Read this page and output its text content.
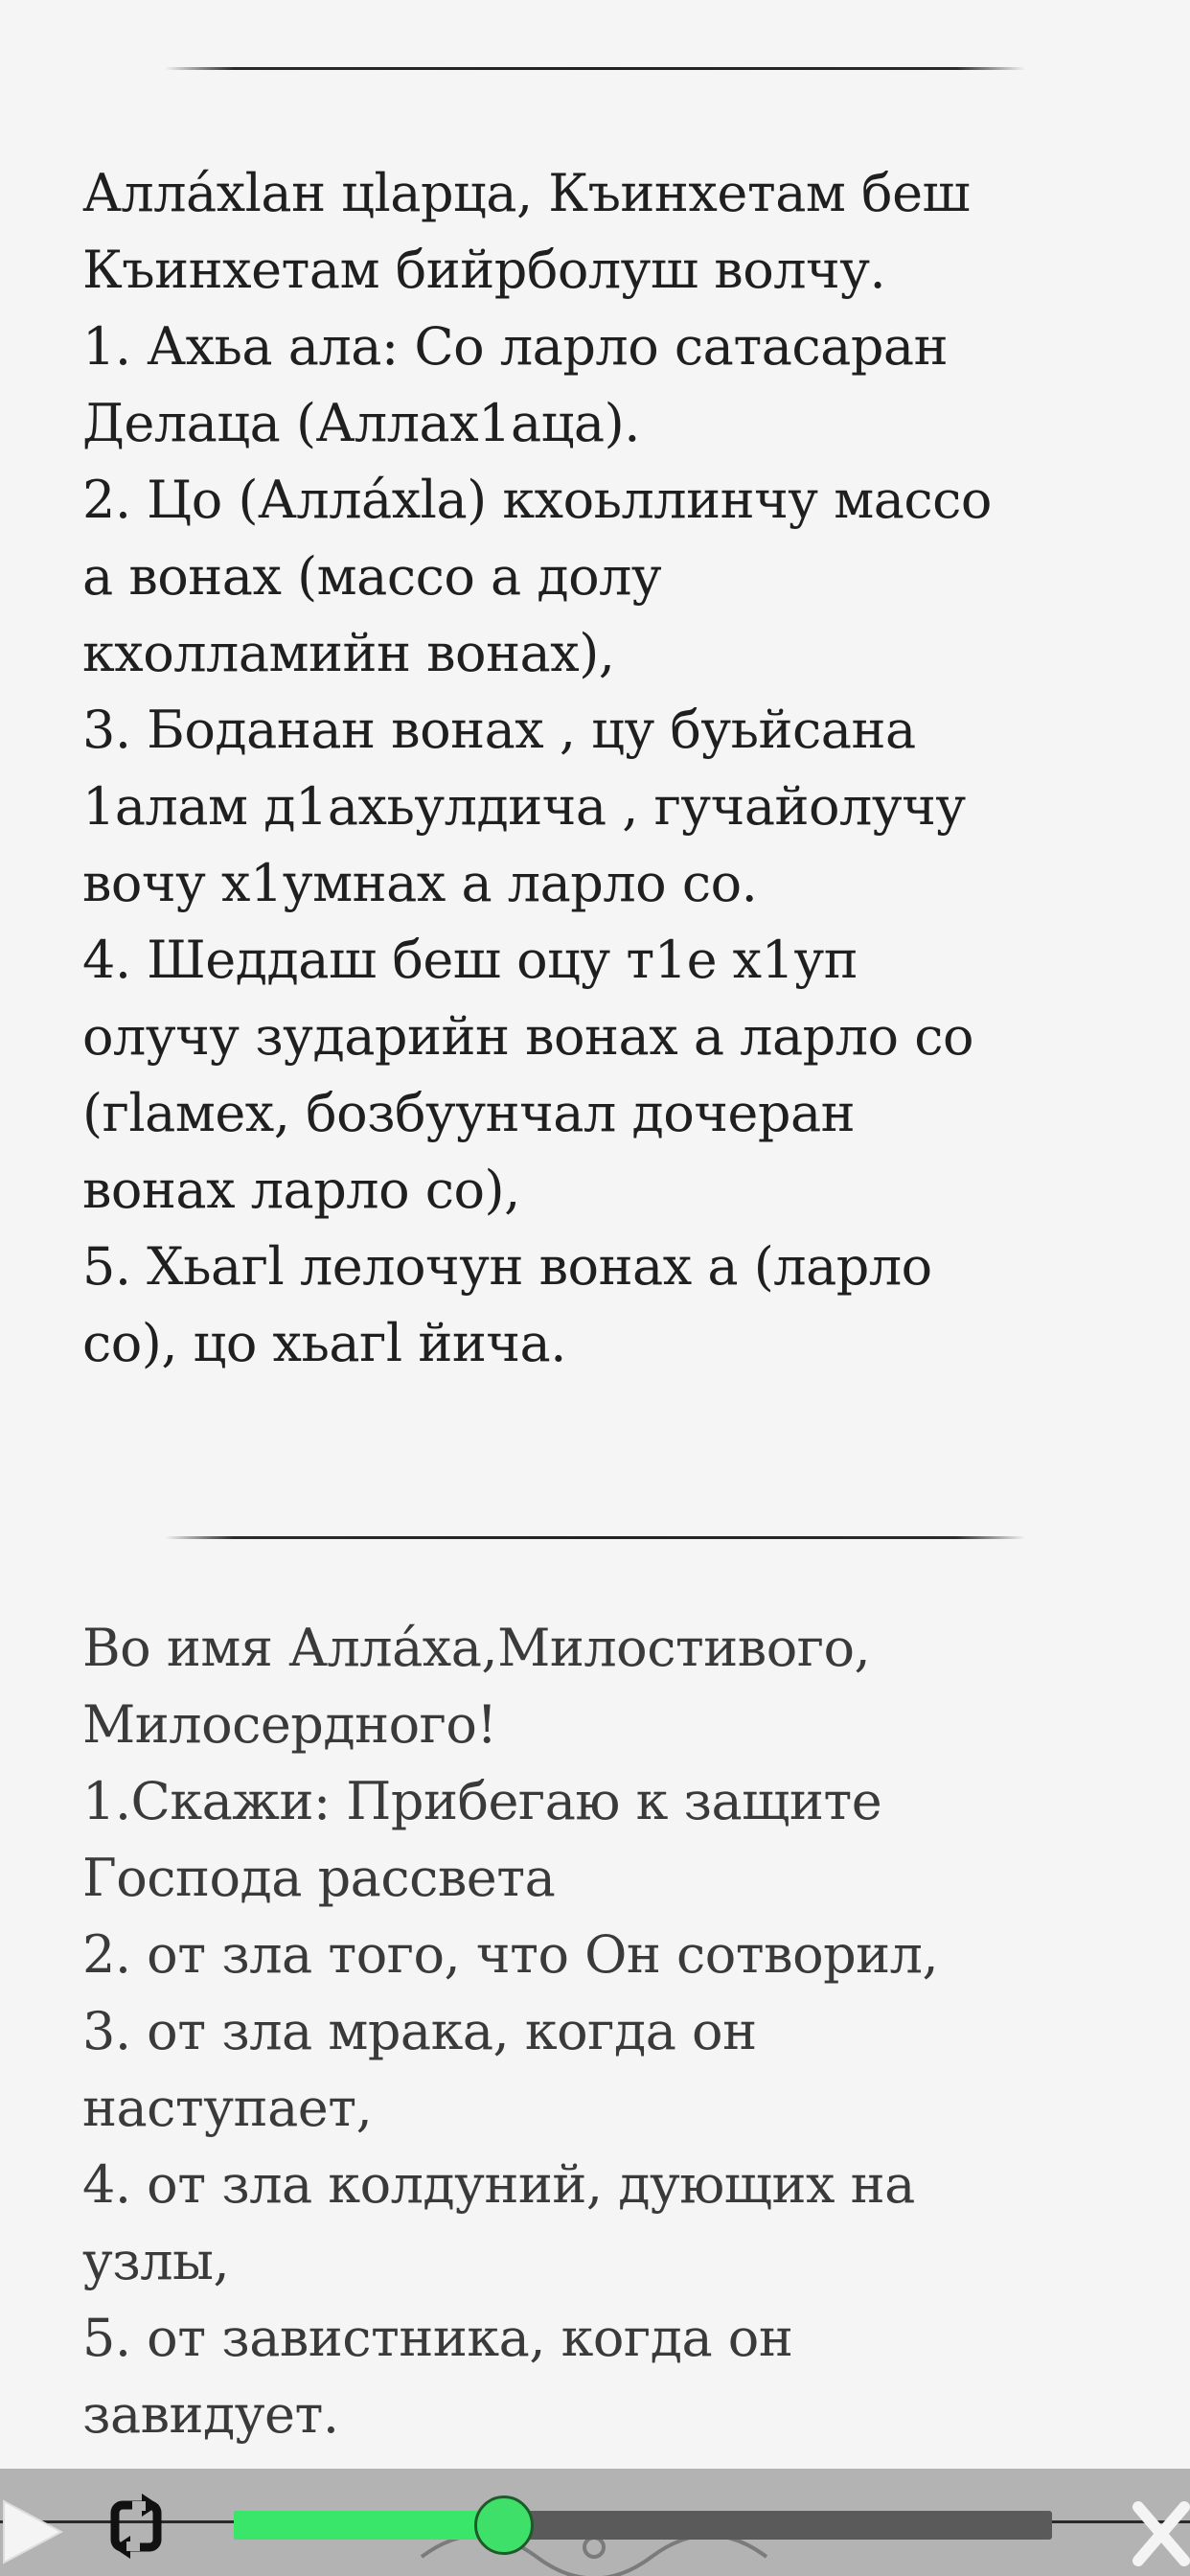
Аллáхlан цlарца, Къинхетам беш
Къинхетам бийрболуш волчу.
1. Ахьа ала: Со ларло сатасаран
Делаца (Аллах1аца).
2. Цо (Аллáхlа) кхоьллинчу массо
а вонах (массо а долу
кхолламийн вонах),
3. Боданан вонах , цу буьйсана
1алам д1ахьулдича , гучайолучу
вочу х1умнах а ларло со.
4. Шеддаш беш оцу т1е х1уп
олучу зударийн вонах а ларло со
(гlамех, бозбуунчал дочеран
вонах ларло со),
5. Хьагl лелочун вонах а (ларло
со), цо хьагl йича.
Во имя Аллáха,Милостивого,
Милосердного!
1.Скажи: Прибегаю к защите
Господа рассвета
2. от зла того, что Он сотворил,
3. от зла мрака, когда он
наступает,
4. от зла колдуний, дующих на
узлы,
5. от завистника, когда он
завидует.
